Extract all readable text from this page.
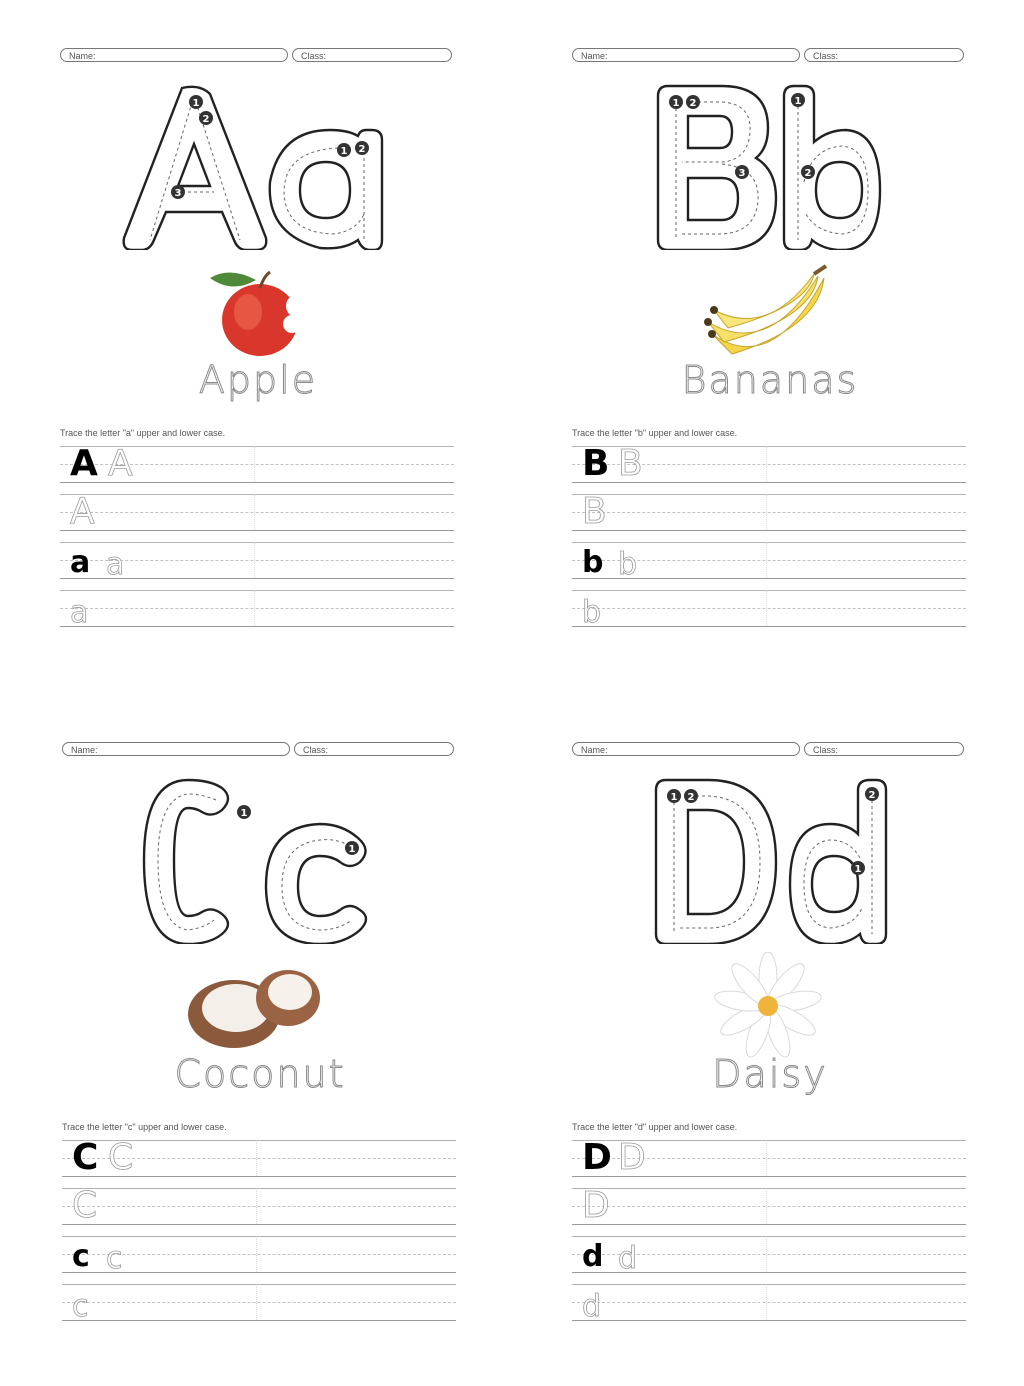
Name:	Class:
1
2
3
1 2
Apple
Trace the letter "a" upper and lower case.
A A
A
a a
a
Name:	Class:
1 2
3
1
2
Bananas
Trace the letter "b" upper and lower case.
B B
B
b b
b
Name:	Class:
1
1
Coconut
Trace the letter "c" upper and lower case.
C C
C
c c
c
Name:	Class:
1 2
1
2
Daisy
Trace the letter "d" upper and lower case.
D D
D
d d
d
